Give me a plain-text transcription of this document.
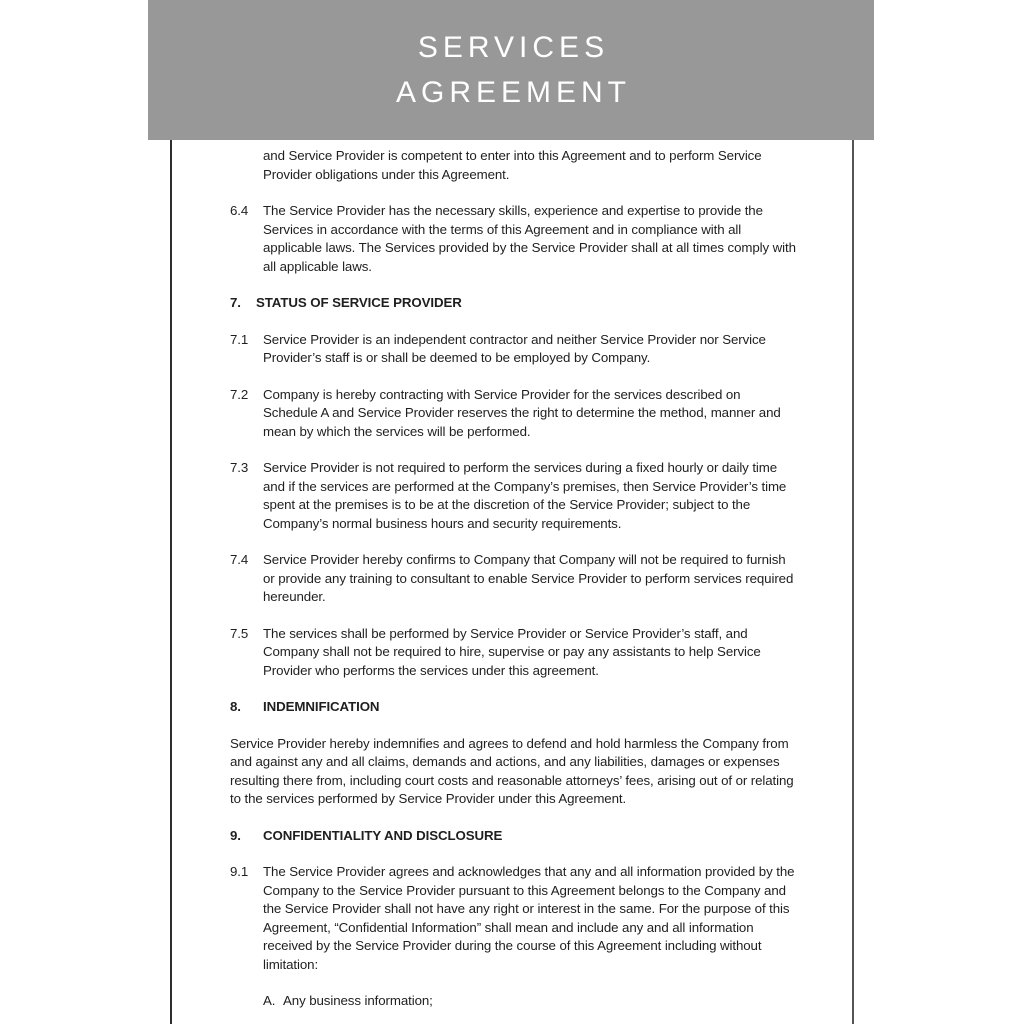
SERVICES
AGREEMENT
and Service Provider is competent to enter into this Agreement and to perform Service Provider obligations under this Agreement.
6.4	The Service Provider has the necessary skills, experience and expertise to provide the Services in accordance with the terms of this Agreement and in compliance with all applicable laws. The Services provided by the Service Provider shall at all times comply with all applicable laws.
7.	STATUS OF SERVICE PROVIDER
7.1	Service Provider is an independent contractor and neither Service Provider nor Service Provider’s staff is or shall be deemed to be employed by Company.
7.2	Company is hereby contracting with Service Provider for the services described on Schedule A and Service Provider reserves the right to determine the method, manner and mean by which the services will be performed.
7.3	Service Provider is not required to perform the services during a fixed hourly or daily time and if the services are performed at the Company’s premises, then Service Provider’s time spent at the premises is to be at the discretion of the Service Provider; subject to the Company’s normal business hours and security requirements.
7.4	Service Provider hereby confirms to Company that Company will not be required to furnish or provide any training to consultant to enable Service Provider to perform services required hereunder.
7.5	The services shall be performed by Service Provider or Service Provider’s staff, and Company shall not be required to hire, supervise or pay any assistants to help Service Provider who performs the services under this agreement.
8.	INDEMNIFICATION
Service Provider hereby indemnifies and agrees to defend and hold harmless the Company from and against any and all claims, demands and actions, and any liabilities, damages or expenses resulting there from, including court costs and reasonable attorneys’ fees, arising out of or relating to the services performed by Service Provider under this Agreement.
9.	CONFIDENTIALITY AND DISCLOSURE
9.1	The Service Provider agrees and acknowledges that any and all information provided by the Company to the Service Provider pursuant to this Agreement belongs to the Company and the Service Provider shall not have any right or interest in the same. For the purpose of this Agreement, “Confidential Information” shall mean and include any and all information received by the Service Provider during the course of this Agreement including without limitation:
A. Any business information;
